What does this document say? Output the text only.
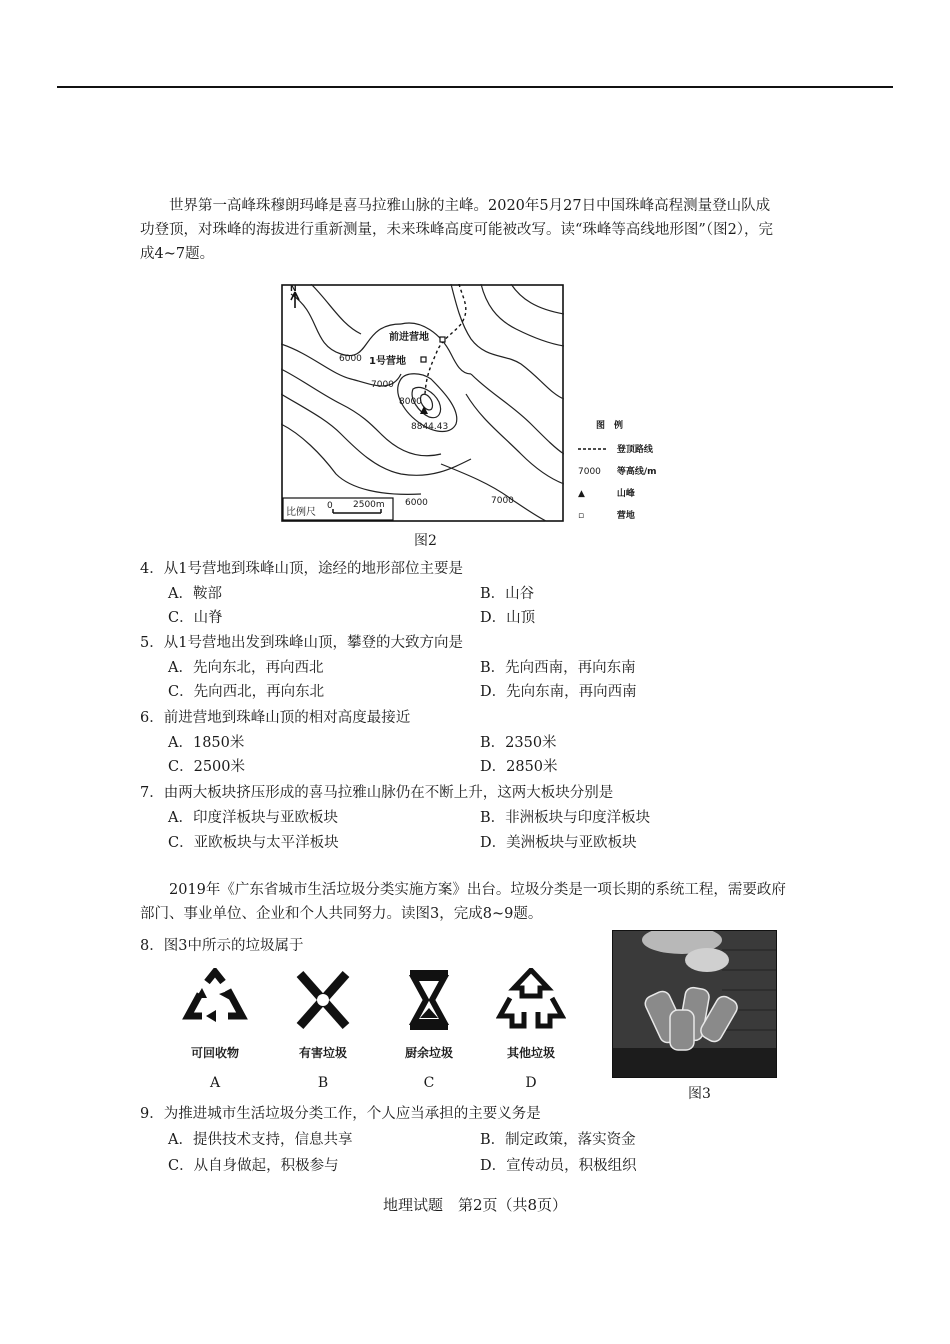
世界第一高峰珠穆朗玛峰是喜马拉雅山脉的主峰。2020年5月27日中国珠峰高程测量登山队成功登顶，对珠峰的海拔进行重新测量，未来珠峰高度可能被改写。读“珠峰等高线地形图”（图2），完成4~7题。

N
前进营地
1号营地
6000
7000
8000
8844.43
6000	7000
比例尺
0 2500m
图　例
登顶路线
7000 等高线/m
▲	山峰
▫	营地
图2
4．从1号营地到珠峰山顶，途经的地形部位主要是
A．鞍部	B．山谷
C．山脊	D．山顶
5．从1号营地出发到珠峰山顶，攀登的大致方向是
A．先向东北，再向西北	B．先向西南，再向东南
C．先向西北，再向东北	D．先向东南，再向西南
6．前进营地到珠峰山顶的相对高度最接近
A．1850米	B．2350米
C．2500米	D．2850米
7．由两大板块挤压形成的喜马拉雅山脉仍在不断上升，这两大板块分别是
A．印度洋板块与亚欧板块	B．非洲板块与印度洋板块
C．亚欧板块与太平洋板块	D．美洲板块与亚欧板块

2019年《广东省城市生活垃圾分类实施方案》出台。垃圾分类是一项长期的系统工程，需要政府部门、事业单位、企业和个人共同努力。读图3，完成8~9题。

8．图3中所示的垃圾属于
可回收物
A
有害垃圾
B
厨余垃圾
C
其他垃圾
D
图3
9．为推进城市生活垃圾分类工作，个人应当承担的主要义务是
A．提供技术支持，信息共享	B．制定政策，落实资金
C．从自身做起，积极参与	D．宣传动员，积极组织
地理试题　第2页（共8页）
